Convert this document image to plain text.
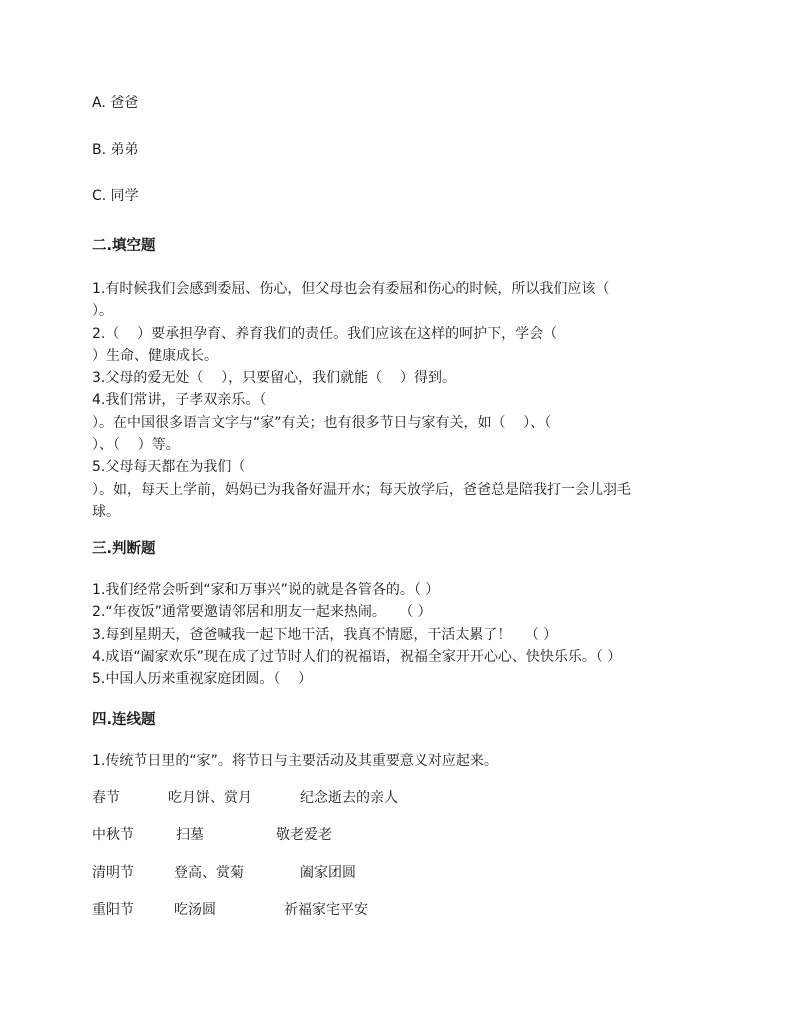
A. 爸爸
B. 弟弟
C. 同学
二.填空题
1.有时候我们会感到委屈、伤心，但父母也会有委屈和伤心的时候，所以我们应该（
）。
2.（    ）要承担孕育、养育我们的责任。我们应该在这样的呵护下，学会（
）生命、健康成长。
3.父母的爱无处（    ），只要留心，我们就能（    ）得到。
4.我们常讲，子孝双亲乐。（
）。在中国很多语言文字与“家”有关；也有很多节日与家有关，如（    ）、（
）、（    ）等。
5.父母每天都在为我们（
）。如，每天上学前，妈妈已为我备好温开水；每天放学后，爸爸总是陪我打一会儿羽毛
球。
三.判断题
1.我们经常会听到“家和万事兴”说的就是各管各的。（ ）
2.“年夜饭”通常要邀请邻居和朋友一起来热闹。   （ ）
3.每到星期天，爸爸喊我一起下地干活，我真不情愿，干活太累了！   （ ）
4.成语“阖家欢乐”现在成了过节时人们的祝福语，祝福全家开开心心、快快乐乐。（ ）
5.中国人历来重视家庭团圆。（    ）
四.连线题
1.传统节日里的“家”。将节日与主要活动及其重要意义对应起来。
春节	吃月饼、赏月	纪念逝去的亲人
中秋节	扫墓	敬老爱老
清明节	登高、赏菊	阖家团圆
重阳节	吃汤圆	祈福家宅平安
